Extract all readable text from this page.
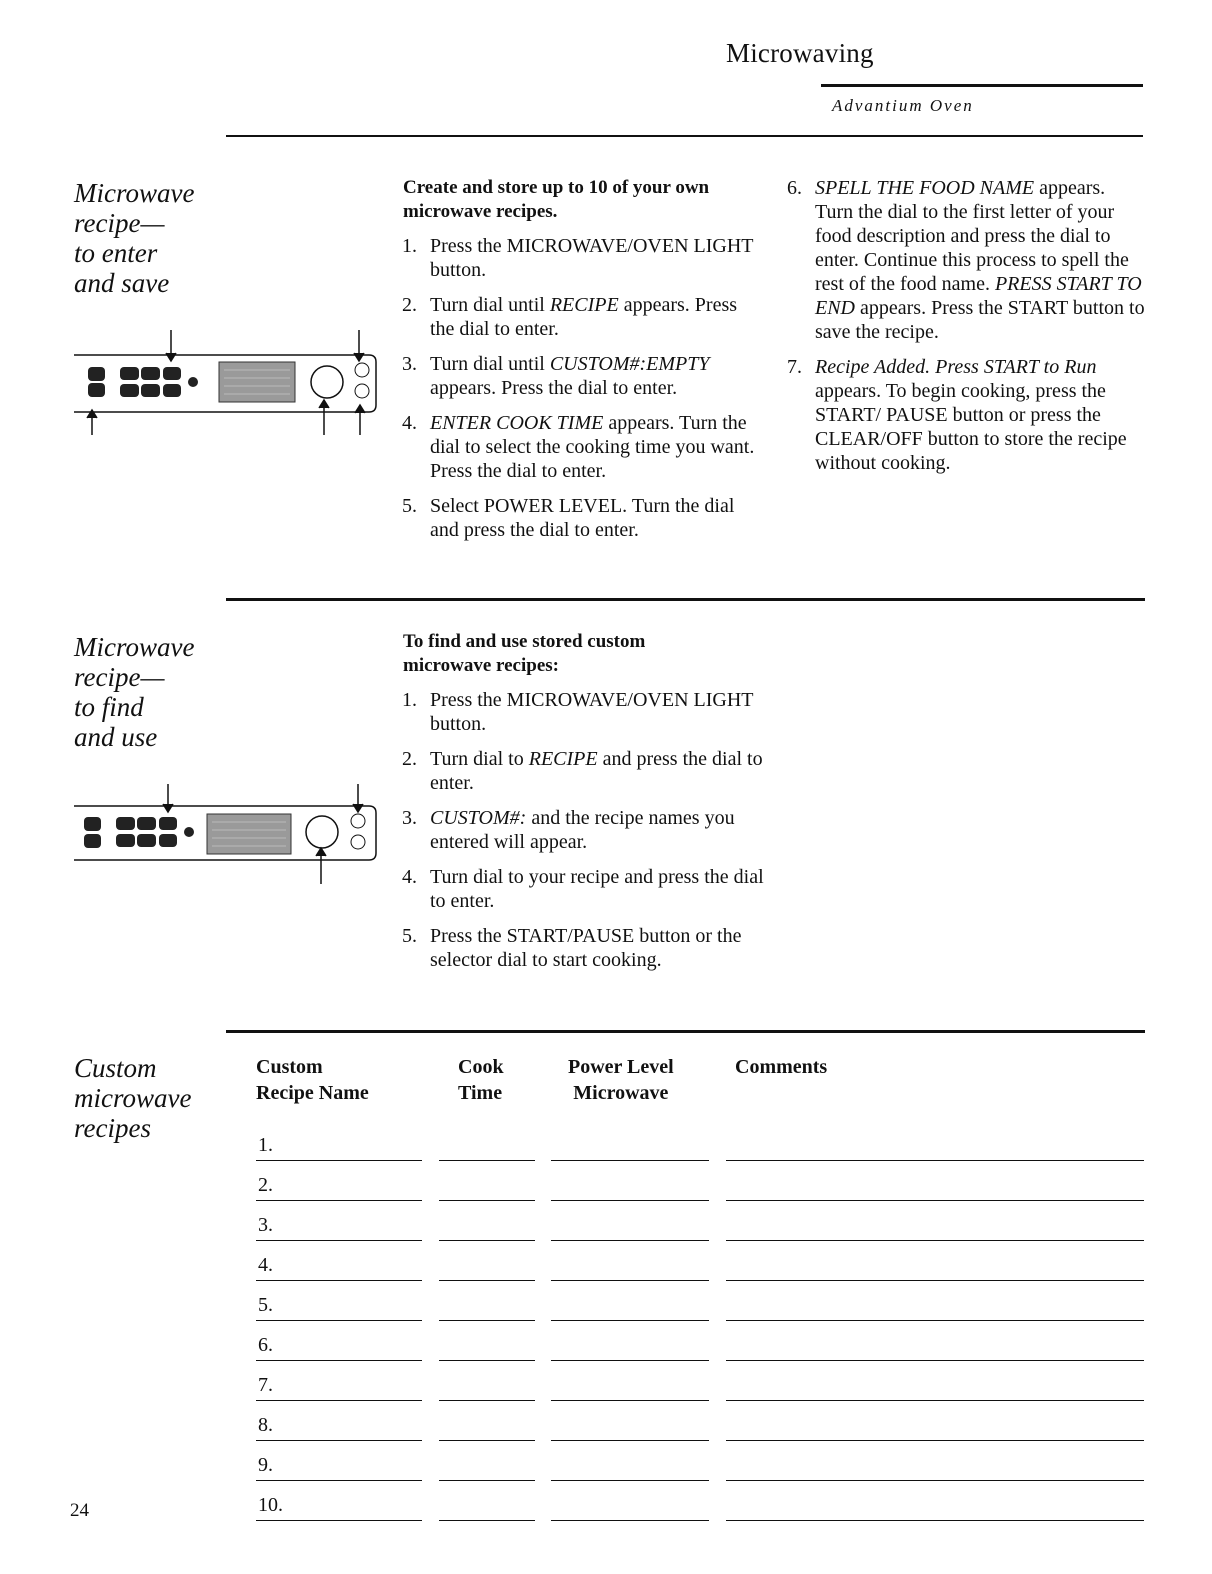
Microwaving
Advantium Oven
Microwave
recipe—
to enter
and save
Create and store up to 10 of your own microwave recipes.
1. Press the MICROWAVE/OVEN LIGHT button.
2. Turn dial until RECIPE appears. Press the dial to enter.
3. Turn dial until CUSTOM#:EMPTY appears. Press the dial to enter.
4. ENTER COOK TIME appears. Turn the dial to select the cooking time you want. Press the dial to enter.
5. Select POWER LEVEL. Turn the dial and press the dial to enter.
6. SPELL THE FOOD NAME appears. Turn the dial to the first letter of your food description and press the dial to enter. Continue this process to spell the rest of the food name. PRESS START TO END appears. Press the START button to save the recipe.
7. Recipe Added. Press START to Run appears. To begin cooking, press the START/ PAUSE button or press the CLEAR/OFF button to store the recipe without cooking.
Microwave
recipe—
to find
and use
To find and use stored custom microwave recipes:
1. Press the MICROWAVE/OVEN LIGHT button.
2. Turn dial to RECIPE and press the dial to enter.
3. CUSTOM#: and the recipe names you entered will appear.
4. Turn dial to your recipe and press the dial to enter.
5. Press the START/PAUSE button or the selector dial to start cooking.
Custom
microwave
recipes
Custom
Recipe Name
Cook
Time
Power Level
Microwave
Comments
1.
2.
3.
4.
5.
6.
7.
8.
9.
10.
24
